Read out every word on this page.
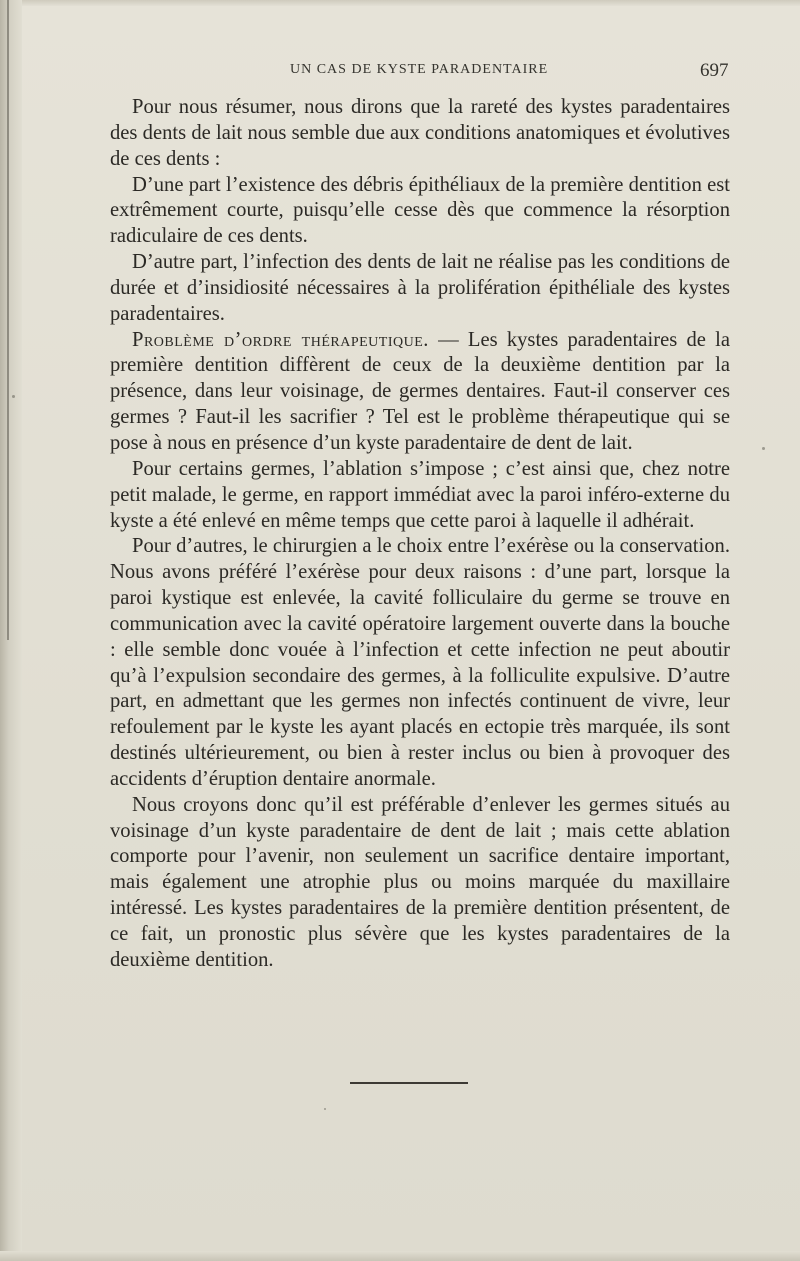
UN CAS DE KYSTE PARADENTAIRE	697

Pour nous résumer, nous dirons que la rareté des kystes paradentaires des dents de lait nous semble due aux conditions anatomiques et évolutives de ces dents :

D’une part l’existence des débris épithéliaux de la première dentition est extrêmement courte, puisqu’elle cesse dès que commence la résorption radiculaire de ces dents.

D’autre part, l’infection des dents de lait ne réalise pas les conditions de durée et d’insidiosité nécessaires à la prolifération épithéliale des kystes paradentaires.

Problème d’ordre thérapeutique. — Les kystes paradentaires de la première dentition diffèrent de ceux de la deuxième dentition par la présence, dans leur voisinage, de germes dentaires. Faut-il conserver ces germes ? Faut-il les sacrifier ? Tel est le problème thérapeutique qui se pose à nous en présence d’un kyste paradentaire de dent de lait.

Pour certains germes, l’ablation s’impose ; c’est ainsi que, chez notre petit malade, le germe, en rapport immédiat avec la paroi inféro-externe du kyste a été enlevé en même temps que cette paroi à laquelle il adhérait.

Pour d’autres, le chirurgien a le choix entre l’exérèse ou la conservation. Nous avons préféré l’exérèse pour deux raisons : d’une part, lorsque la paroi kystique est enlevée, la cavité folliculaire du germe se trouve en communication avec la cavité opératoire largement ouverte dans la bouche : elle semble donc vouée à l’infection et cette infection ne peut aboutir qu’à l’expulsion secondaire des germes, à la folliculite expulsive. D’autre part, en admettant que les germes non infectés continuent de vivre, leur refoulement par le kyste les ayant placés en ectopie très marquée, ils sont destinés ultérieurement, ou bien à rester inclus ou bien à provoquer des accidents d’éruption dentaire anormale.

Nous croyons donc qu’il est préférable d’enlever les germes situés au voisinage d’un kyste paradentaire de dent de lait ; mais cette ablation comporte pour l’avenir, non seulement un sacrifice dentaire important, mais également une atrophie plus ou moins marquée du maxillaire intéressé. Les kystes paradentaires de la première dentition présentent, de ce fait, un pronostic plus sévère que les kystes paradentaires de la deuxième dentition.
